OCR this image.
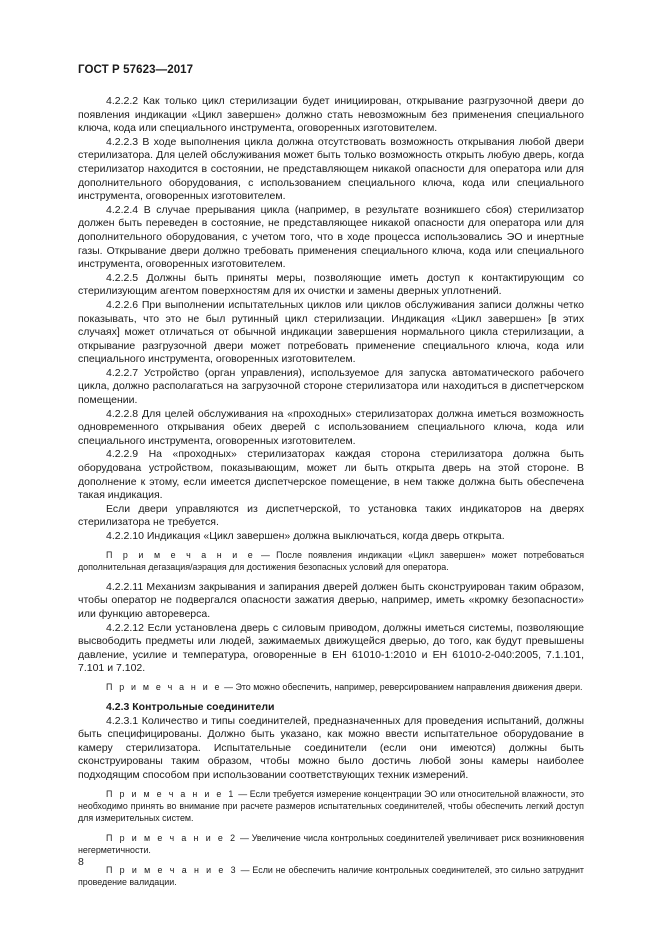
ГОСТ Р 57623—2017

4.2.2.2 Как только цикл стерилизации будет инициирован, открывание разгрузочной двери до появления индикации «Цикл завершен» должно стать невозможным без применения специального ключа, кода или специального инструмента, оговоренных изготовителем.

4.2.2.3 В ходе выполнения цикла должна отсутствовать возможность открывания любой двери стерилизатора. Для целей обслуживания может быть только возможность открыть любую дверь, когда стерилизатор находится в состоянии, не представляющем никакой опасности для оператора или для дополнительного оборудования, с использованием специального ключа, кода или специального инструмента, оговоренных изготовителем.

4.2.2.4 В случае прерывания цикла (например, в результате возникшего сбоя) стерилизатор должен быть переведен в состояние, не представляющее никакой опасности для оператора или для дополнительного оборудования, с учетом того, что в ходе процесса использовались ЭО и инертные газы. Открывание двери должно требовать применения специального ключа, кода или специального инструмента, оговоренных изготовителем.

4.2.2.5 Должны быть приняты меры, позволяющие иметь доступ к контактирующим со стерилизующим агентом поверхностям для их очистки и замены дверных уплотнений.

4.2.2.6 При выполнении испытательных циклов или циклов обслуживания записи должны четко показывать, что это не был рутинный цикл стерилизации. Индикация «Цикл завершен» [в этих случаях] может отличаться от обычной индикации завершения нормального цикла стерилизации, а открывание разгрузочной двери может потребовать применение специального ключа, кода или специального инструмента, оговоренных изготовителем.

4.2.2.7 Устройство (орган управления), используемое для запуска автоматического рабочего цикла, должно располагаться на загрузочной стороне стерилизатора или находиться в диспетчерском помещении.

4.2.2.8 Для целей обслуживания на «проходных» стерилизаторах должна иметься возможность одновременного открывания обеих дверей с использованием специального ключа, кода или специального инструмента, оговоренных изготовителем.

4.2.2.9 На «проходных» стерилизаторах каждая сторона стерилизатора должна быть оборудована устройством, показывающим, может ли быть открыта дверь на этой стороне. В дополнение к этому, если имеется диспетчерское помещение, в нем также должна быть обеспечена такая индикация.

Если двери управляются из диспетчерской, то установка таких индикаторов на дверях стерилизатора не требуется.

4.2.2.10 Индикация «Цикл завершен» должна выключаться, когда дверь открыта.

П р и м е ч а н и е — После появления индикации «Цикл завершен» может потребоваться дополнительная дегазация/аэрация для достижения безопасных условий для оператора.

4.2.2.11 Механизм закрывания и запирания дверей должен быть сконструирован таким образом, чтобы оператор не подвергался опасности зажатия дверью, например, иметь «кромку безопасности» или функцию автореверса.

4.2.2.12 Если установлена дверь с силовым приводом, должны иметься системы, позволяющие высвободить предметы или людей, зажимаемых движущейся дверью, до того, как будут превышены давление, усилие и температура, оговоренные в ЕН 61010-1:2010 и ЕН 61010-2-040:2005, 7.1.101, 7.101 и 7.102.

П р и м е ч а н и е — Это можно обеспечить, например, реверсированием направления движения двери.

4.2.3 Контрольные соединители

4.2.3.1 Количество и типы соединителей, предназначенных для проведения испытаний, должны быть специфицированы. Должно быть указано, как можно ввести испытательное оборудование в камеру стерилизатора. Испытательные соединители (если они имеются) должны быть сконструированы таким образом, чтобы можно было достичь любой зоны камеры наиболее подходящим способом при использовании соответствующих техник измерений.

П р и м е ч а н и е 1 — Если требуется измерение концентрации ЭО или относительной влажности, это необходимо принять во внимание при расчете размеров испытательных соединителей, чтобы обеспечить легкий доступ для измерительных систем.

П р и м е ч а н и е 2 — Увеличение числа контрольных соединителей увеличивает риск возникновения негерметичности.

П р и м е ч а н и е 3 — Если не обеспечить наличие контрольных соединителей, это сильно затруднит проведение валидации.

8
